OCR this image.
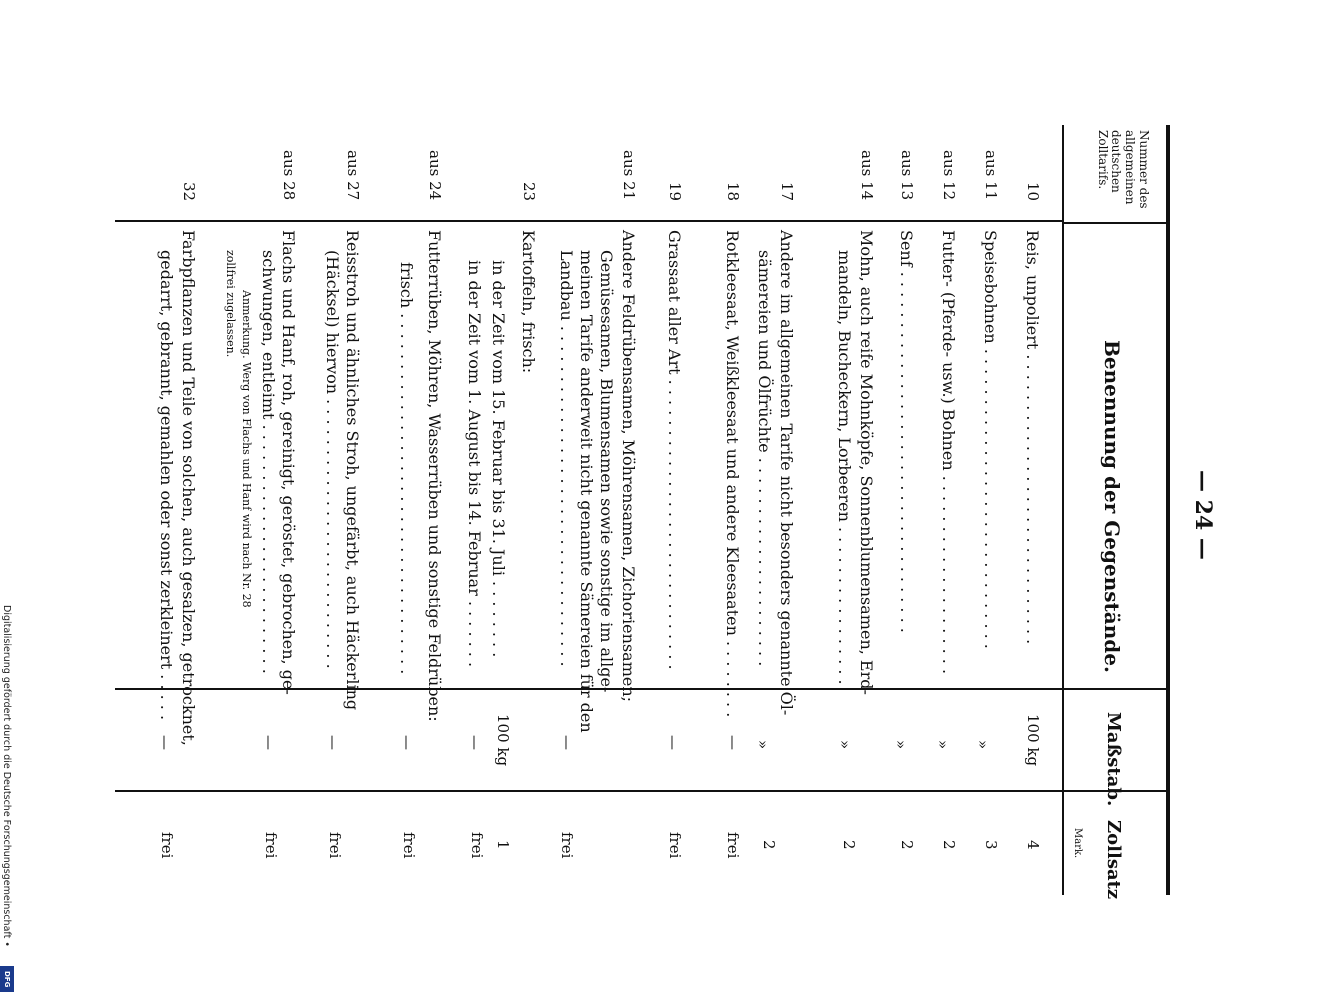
— 24 —
Nummer des allgemeinen deutschen Zolltarifs.
Benennung der Gegenstände.
Maßstab.
Zollsatz
Mark.
10
Reis, unpoliert . . . . . . . . . . . . . . . . . . . . . . . . . . . . .
100 kg
4
aus 11
Speisebohnen . . . . . . . . . . . . . . . . . . . . . . . . . . . . . .
»
3
aus 12
Futter- (Pferde- usw.) Bohnen . . . . . . . . . . . . . . . . . . . .
»
2
aus 13
Senf . . . . . . . . . . . . . . . . . . . . . . . . . . . . . . . . . . . .
»
2
aus 14
Mohn, auch reife Mohnköpfe, Sonnenblumensamen, Erd-
mandeln, Bucheckern, Lorbeeren . . . . . . . . . . . . . . . .
»
2
17
Andere im allgemeinen Tarife nicht besonders genannte Öl-
sämereien und Ölfrüchte . . . . . . . . . . . . . . . . . . . . .
»
2
18
Rotkleesaat, Weißkleesaat und andere Kleesaaten . . . . . . . .
—
frei
19
Grassaat aller Art . . . . . . . . . . . . . . . . . . . . . . . . . . . . .
—
frei
aus 21
Andere Feldrübensamen, Möhrensamen, Zichoriensamen;
Gemüsesamen, Blumensamen sowie sonstige im allge-
meinen Tarife anderweit nicht genannte Sämereien für den
Landbau . . . . . . . . . . . . . . . . . . . . . . . . . . . . . . . . . .
—
frei
23
Kartoffeln, frisch:
in der Zeit vom 15. Februar bis 31. Juli . . . . . . . .
100 kg
1
in der Zeit vom 1. August bis 14. Februar . . . . . . .
—
frei
aus 24
Futterrüben, Möhren, Wasserrüben und sonstige Feldrüben:
frisch . . . . . . . . . . . . . . . . . . . . . . . . . . . . . . . . . . . .
—
frei
aus 27
Reisstroh und ähnliches Stroh, ungefärbt, auch Häckerling
(Häcksel) hiervon . . . . . . . . . . . . . . . . . . . . . . . . . . .
—
frei
aus 28
Flachs und Hanf, roh, gereinigt, geröstet, gebrochen, ge-
schwungen, entleimt . . . . . . . . . . . . . . . . . . . . . . . . .
Anmerkung. Werg von Flachs und Hanf wird nach Nr. 28
zollfrei zugelassen.
—
frei
32
Farbpflanzen und Teile von solchen, auch gesalzen, getrocknet,
gedarrt, gebrannt, gemahlen oder sonst zerkleinert . . . . .
—
frei
Digitalisierung gefördert durch die Deutsche Forschungsgemeinschaft •
DFG
